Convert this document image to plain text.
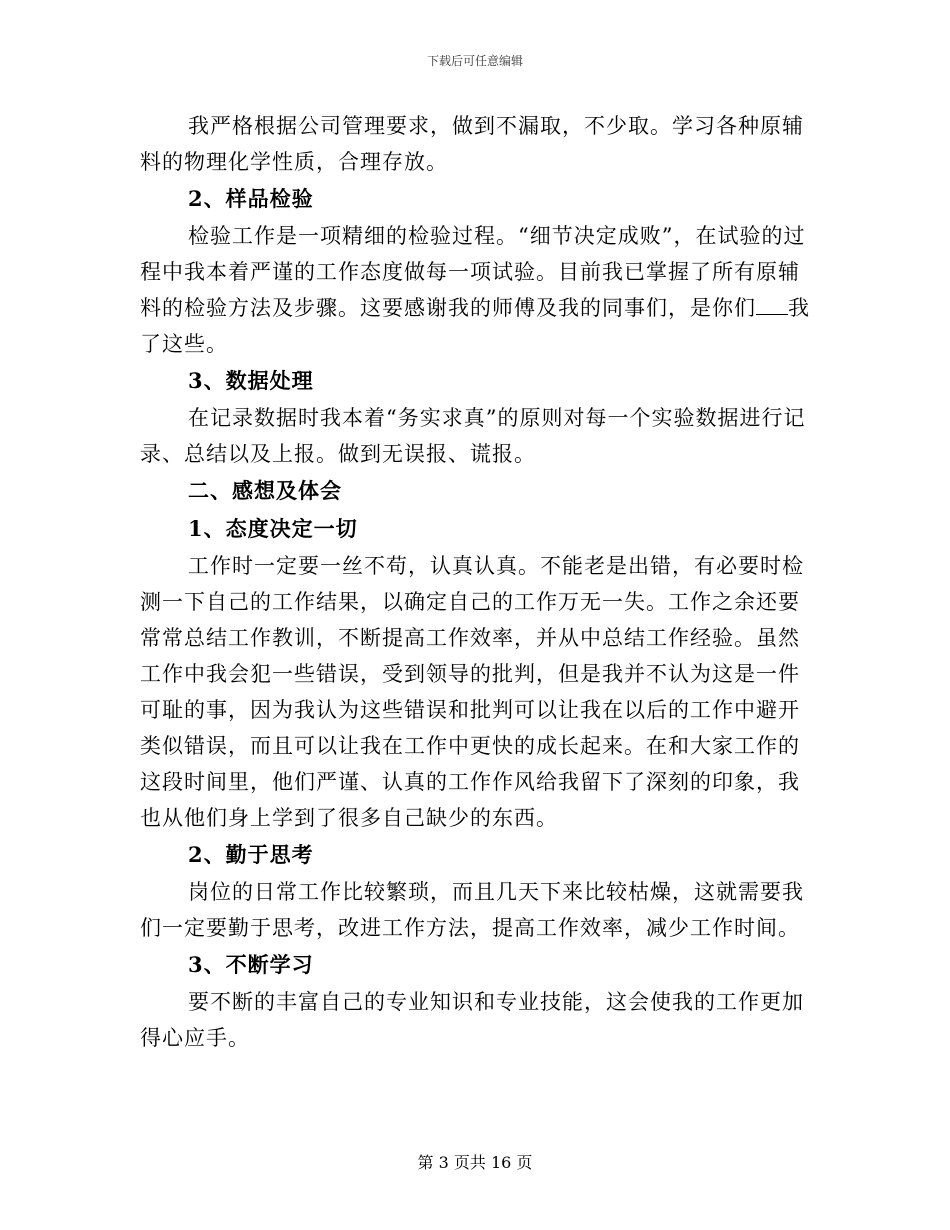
下载后可任意编辑

我严格根据公司管理要求，做到不漏取，不少取。学习各种原辅料的物理化学性质，合理存放。

2、样品检验

检验工作是一项精细的检验过程。“细节决定成败”，在试验的过程中我本着严谨的工作态度做每一项试验。目前我已掌握了所有原辅料的检验方法及步骤。这要感谢我的师傅及我的同事们，是你们 我了这些。

3、数据处理

在记录数据时我本着“务实求真”的原则对每一个实验数据进行记录、总结以及上报。做到无误报、谎报。

二、感想及体会
1、态度决定一切

工作时一定要一丝不苟，认真认真。不能老是出错，有必要时检测一下自己的工作结果，以确定自己的工作万无一失。工作之余还要常常总结工作教训，不断提高工作效率，并从中总结工作经验。虽然工作中我会犯一些错误，受到领导的批判，但是我并不认为这是一件可耻的事，因为我认为这些错误和批判可以让我在以后的工作中避开类似错误，而且可以让我在工作中更快的成长起来。在和大家工作的这段时间里，他们严谨、认真的工作作风给我留下了深刻的印象，我也从他们身上学到了很多自己缺少的东西。

2、勤于思考

岗位的日常工作比较繁琐，而且几天下来比较枯燥，这就需要我们一定要勤于思考，改进工作方法，提高工作效率，减少工作时间。

3、不断学习

要不断的丰富自己的专业知识和专业技能，这会使我的工作更加得心应手。

第 3 页共 16 页
